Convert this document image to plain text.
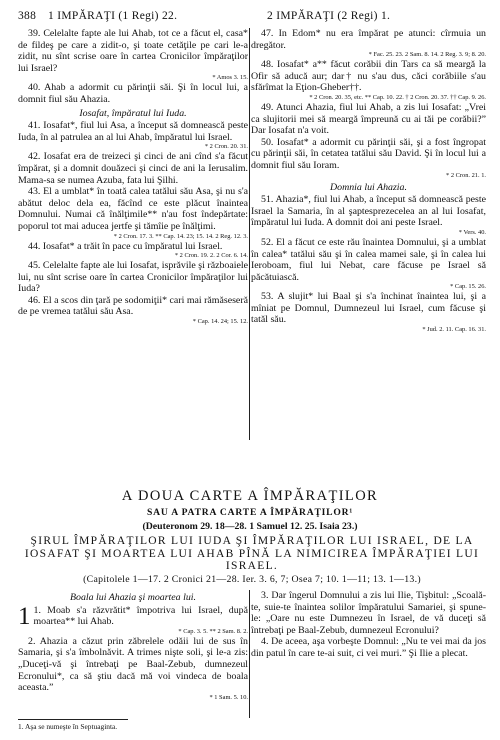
388 1 IMPĂRAŢI (1 Regi) 22.	2 IMPĂRAŢI (2 Regi) 1.

39. Celelalte fapte ale lui Ahab, tot ce a făcut el, casa* de fildeş pe care a zidit-o, şi toate cetăţile pe cari le-a zidit, nu sînt scrise oare în cartea Cronicilor împăraţilor lui Israel?

* Amos 3. 15.

40. Ahab a adormit cu părinţii săi. Şi în locul lui, a domnit fiul său Ahazia.

Iosafat, împăratul lui Iuda.

41. Iosafat*, fiul lui Asa, a început să domnească peste Iuda, în al patrulea an al lui Ahab, împăratul lui Israel.

* 2 Cron. 20. 31.

42. Iosafat era de treizeci şi cinci de ani cînd s'a făcut împărat, şi a domnit douăzeci şi cinci de ani la Ierusalim. Mama-sa se numea Azuba, fata lui Şilhi.

43. El a umblat* în toată calea tatălui său Asa, şi nu s'a abătut deloc dela ea, făcînd ce este plăcut înaintea Domnului. Numai că înălţimile** n'au fost îndepărtate: poporul tot mai aducea jertfe şi tămîie pe înălţimi.

* 2 Cron. 17. 3. ** Cap. 14. 23; 15. 14. 2 Reg. 12. 3.

44. Iosafat* a trăit în pace cu împăratul lui Israel.

* 2 Cron. 19. 2. 2 Cor. 6. 14.

45. Celelalte fapte ale lui Iosafat, isprăvile şi războaiele lui, nu sînt scrise oare în cartea Cronicilor împăraţilor lui Iuda?

46. El a scos din ţară pe sodomiţii* cari mai rămăseseră de pe vremea tatălui său Asa.

* Cap. 14. 24; 15. 12.

47. In Edom* nu era împărat pe atunci: cîrmuia un dregător.

* Fac. 25. 23. 2 Sam. 8. 14. 2 Reg. 3. 9; 8. 20.

48. Iosafat* a** făcut corăbii din Tars ca să meargă la Ofir să aducă aur; dar† nu s'au dus, căci corăbiile s'au sfărîmat la Eţion-Gheber††.

* 2 Cron. 20. 35, etc. ** Cap. 10. 22. † 2 Cron. 20. 37. †† Cap. 9. 26.

49. Atunci Ahazia, fiul lui Ahab, a zis lui Iosafat: „Vrei ca slujitorii mei să meargă împreună cu ai tăi pe corăbii?” Dar Iosafat n'a voit.

50. Iosafat* a adormit cu părinţii săi, şi a fost îngropat cu părinţii săi, în cetatea tatălui său David. Şi în locul lui a domnit fiul său Ioram.

* 2 Cron. 21. 1.

Domnia lui Ahazia.

51. Ahazia*, fiul lui Ahab, a început să domnească peste Israel la Samaria, în al şaptesprezecelea an al lui Iosafat, împăratul lui Iuda. A domnit doi ani peste Israel.

* Vers. 40.

52. El a făcut ce este rău înaintea Domnului, şi a umblat în calea* tatălui său şi în calea mamei sale, şi în calea lui Ieroboam, fiul lui Nebat, care făcuse pe Israel să păcătuiască.

* Cap. 15. 26.

53. A slujit* lui Baal şi s'a închinat înaintea lui, şi a mîniat pe Domnul, Dumnezeul lui Israel, cum făcuse şi tatăl său.

* Jud. 2. 11. Cap. 16. 31.
A DOUA CARTE A ÎMPĂRAŢILOR
SAU A PATRA CARTE A ÎMPĂRAŢILOR¹
(Deuteronom 29. 18—28. 1 Samuel 12. 25. Isaia 23.)
ŞIRUL ÎMPĂRAŢILOR LUI IUDA ŞI ÎMPĂRAŢILOR LUI ISRAEL, DE LA IOSAFAT ŞI MOARTEA LUI AHAB PÎNĂ LA NIMICIREA ÎMPĂRAŢIEI LUI ISRAEL.
(Capitolele 1—17. 2 Cronici 21—28. Ier. 3. 6, 7; Osea 7; 10. 1—11; 13. 1—13.)

Boala lui Ahazia şi moartea lui.

1 1. Moab s'a răzvrătit* împotriva lui Israel, după moartea** lui Ahab.

* Cap. 3. 5. ** 2 Sam. 8. 2.

2. Ahazia a căzut prin zăbrelele odăii lui de sus în Samaria, şi s'a îmbolnăvit. A trimes nişte soli, şi le-a zis: „Duceţi-vă şi întrebaţi pe Baal-Zebub, dumnezeul Ecronului*, ca să ştiu dacă mă voi vindeca de boala aceasta.”

* 1 Sam. 5. 10.

3. Dar îngerul Domnului a zis lui Ilie, Tişbitul: „Scoală-te, suie-te înaintea solilor împăratului Samariei, şi spune-le: „Oare nu este Dumnezeu în Israel, de vă duceţi să întrebaţi pe Baal-Zebub, dumnezeul Ecronului?

4. De aceea, aşa vorbeşte Domnul: „Nu te vei mai da jos din patul în care te-ai suit, ci vei muri.” Şi Ilie a plecat.

1. Aşa se numeşte în Septuaginta.
